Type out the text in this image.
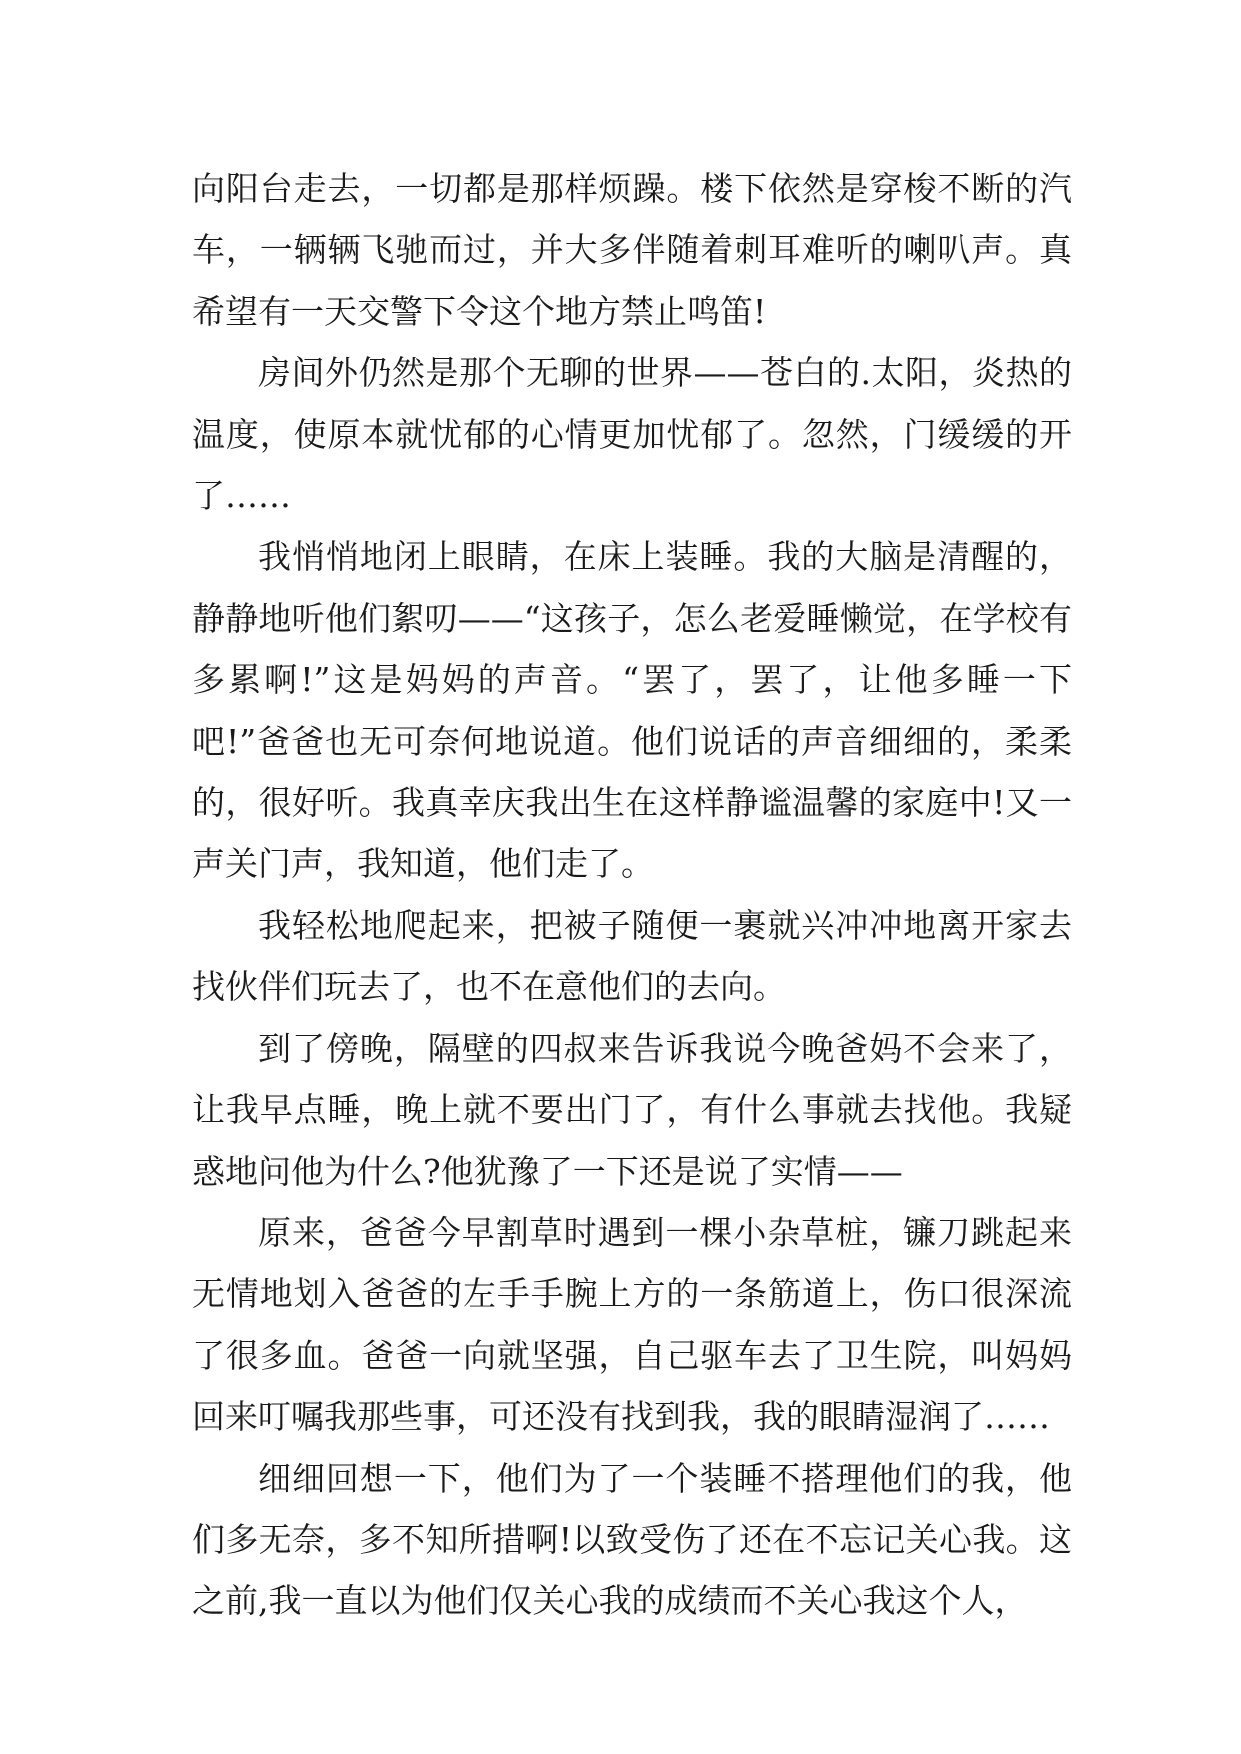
向阳台走去，一切都是那样烦躁。楼下依然是穿梭不断的汽车，一辆辆飞驰而过，并大多伴随着刺耳难听的喇叭声。真希望有一天交警下令这个地方禁止鸣笛!

房间外仍然是那个无聊的世界——苍白的.太阳，炎热的温度，使原本就忧郁的心情更加忧郁了。忽然，门缓缓的开了……

我悄悄地闭上眼睛，在床上装睡。我的大脑是清醒的，静静地听他们絮叨——“这孩子，怎么老爱睡懒觉，在学校有多累啊!”这是妈妈的声音。“罢了，罢了，让他多睡一下吧!”爸爸也无可奈何地说道。他们说话的声音细细的，柔柔的，很好听。我真幸庆我出生在这样静谧温馨的家庭中!又一声关门声，我知道，他们走了。

我轻松地爬起来，把被子随便一裹就兴冲冲地离开家去找伙伴们玩去了，也不在意他们的去向。

到了傍晚，隔壁的四叔来告诉我说今晚爸妈不会来了，让我早点睡，晚上就不要出门了，有什么事就去找他。我疑惑地问他为什么?他犹豫了一下还是说了实情——

原来，爸爸今早割草时遇到一棵小杂草桩，镰刀跳起来无情地划入爸爸的左手手腕上方的一条筋道上，伤口很深流了很多血。爸爸一向就坚强，自己驱车去了卫生院，叫妈妈回来叮嘱我那些事，可还没有找到我，我的眼睛湿润了……

细细回想一下，他们为了一个装睡不搭理他们的我，他们多无奈，多不知所措啊!以致受伤了还在不忘记关心我。这之前,我一直以为他们仅关心我的成绩而不关心我这个人，
